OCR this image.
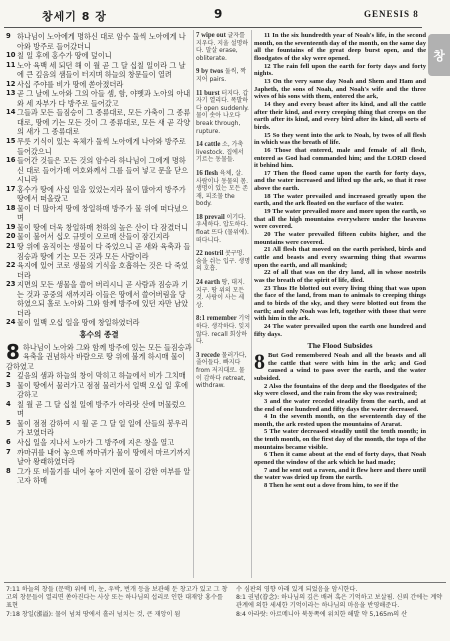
창세기 8 장	9	GENESIS 8
창
9 하나님이 노아에게 명하신 대로 암수 둘씩 노아에게 나아와 방주로 들어갔더니
10 칠 일 후에 홍수가 땅에 덮이니
11 노아 육백 세 되던 해 이 월 곧 그 달 십칠 일이라 그 날에 큰 깊음의 샘들이 터지며 하늘의 창문들이 열려
12 사십 주야를 비가 땅에 쏟아졌더라
13 곧 그 날에 노아와 그의 아들 셈, 함, 야벳과 노아의 아내와 세 자부가 다 방주로 들어갔고
14 그들과 모든 들짐승이 그 종류대로, 모든 가축이 그 종류대로, 땅에 기는 모든 것이 그 종류대로, 모든 새 곧 각양의 새가 그 종류대로
15 무릇 기식이 있는 육체가 둘씩 노아에게 나아와 방주로 들어갔으니
16 들어간 것들은 모든 것의 암수라 하나님이 그에게 명하신 대로 들어가매 여호와께서 그를 들여 넣고 문을 닫으시니라
17 홍수가 땅에 사십 일을 있었는지라 물이 많아져 방주가 땅에서 떠올랐고
18 물이 더 많아져 땅에 창일하매 방주가 물 위에 떠다녔으며
19 물이 땅에 더욱 창일하매 천하의 높은 산이 다 잠겼더니
20 물이 불어서 십오 규빗이 오르매 산들이 잠긴지라
21 땅 위에 움직이는 생물이 다 죽었으니 곧 새와 육축과 들짐승과 땅에 기는 모든 것과 모든 사람이라
22 육지에 있어 코로 생물의 기식을 호흡하는 것은 다 죽었더라
23 지면의 모든 생물을 쓸어 버리시니 곧 사람과 짐승과 기는 것과 공중의 새까지라 이들은 땅에서 쓸어버림을 당하였으되 홀로 노아와 그와 함께 방주에 있던 자만 남았더라
24 물이 일백 오십 일을 땅에 창일하였더라
홍수의 종결
8 하나님이 노아와 그와 함께 방주에 있는 모든 들짐승과 육축을 권념하사 바람으로 땅 위에 불게 하시매 물이 감하였고
2 깊음의 샘과 하늘의 창이 막히고 하늘에서 비가 그치매
3 물이 땅에서 물러가고 점점 물러가서 일백 오십 일 후에 감하고
4 칠 월 곧 그 달 십칠 일에 방주가 아라랏 산에 머물렀으며
5 물이 점점 감하여 시 월 곧 그 달 일 일에 산들의 봉우리가 보였더라
6 사십 일을 지나서 노아가 그 방주에 지은 창을 열고
7 까마귀를 내어 놓으매 까마귀가 물이 땅에서 마르기까지 날아 왕래하였더라
8 그가 또 비둘기를 내어 놓아 지면에 물이 감한 여부를 알고자 하매
7 wipe out 글자를 지우다. 지울 설명하다. 말살 erase, obliterate.
9 by twos 둘씩, 짝지어 pairs.
11 burst 터지다. 갑자기 열리다. 폭발하다 open suddenly. 물이 솟아 나오다 break through, rupture.
14 cattle 소, 가축 livestock. 집에서 기르는 동물들.
16 flesh 육체, 살. 사람이나 동물의 몸. 생명이 있는 모든 존재, 피조물 the body.
18 prevail 이기다. 우세하다. 압도하다. float 뜨다 (물위에). 떠다니다.
22 nostril 콧구멍. 숨을 쉬는 입구. 생명의 호흡.
24 earth 땅, 대지. 지구. 땅 위의 모든 것. 사람이 사는 세상.
8:1 remember 기억하다. 생각하다. 잊지 않다. recall 회상하다.
3 recede 물러가다, 줄어들다. 빠지다 from 저지대로. 물이 감하다 retreat, withdraw.
11 In the six hundredth year of Noah's life, in the second month, on the seventeenth day of the month, on the same day all the fountains of the great deep burst open, and the floodgates of the sky were opened.
12 The rain fell upon the earth for forty days and forty nights.
13 On the very same day Noah and Shem and Ham and Japheth, the sons of Noah, and Noah's wife and the three wives of his sons with them, entered the ark,
14 they and every beast after its kind, and all the cattle after their kind, and every creeping thing that creeps on the earth after its kind, and every bird after its kind, all sorts of birds.
15 So they went into the ark to Noah, by twos of all flesh in which was the breath of life.
16 Those that entered, male and female of all flesh, entered as God had commanded him; and the LORD closed it behind him.
17 Then the flood came upon the earth for forty days, and the water increased and lifted up the ark, so that it rose above the earth.
18 The water prevailed and increased greatly upon the earth, and the ark floated on the surface of the water.
19 The water prevailed more and more upon the earth, so that all the high mountains everywhere under the heavens were covered.
20 The water prevailed fifteen cubits higher, and the mountains were covered.
21 All flesh that moved on the earth perished, birds and cattle and beasts and every swarming thing that swarms upon the earth, and all mankind;
22 of all that was on the dry land, all in whose nostrils was the breath of the spirit of life, died.
23 Thus He blotted out every living thing that was upon the face of the land, from man to animals to creeping things and to birds of the sky, and they were blotted out from the earth; and only Noah was left, together with those that were with him in the ark.
24 The water prevailed upon the earth one hundred and fifty days.
The Flood Subsides
8 But God remembered Noah and all the beasts and all the cattle that were with him in the ark; and God caused a wind to pass over the earth, and the water subsided.
2 Also the fountains of the deep and the floodgates of the sky were closed, and the rain from the sky was restrained;
3 and the water receded steadily from the earth, and at the end of one hundred and fifty days the water decreased.
4 In the seventh month, on the seventeenth day of the month, the ark rested upon the mountains of Ararat.
5 The water decreased steadily until the tenth month; in the tenth month, on the first day of the month, the tops of the mountains became visible.
6 Then it came about at the end of forty days, that Noah opened the window of the ark which he had made;
7 and he sent out a raven, and it flew here and there until the water was dried up from the earth.
8 Then he sent out a dove from him, to see if the
7:11 하늘의 창들 (문맥) 위에 비, 눈, 우박, 번개 등을 보관해 둔 창고가 있고 그 창고의 창문들이 열리면 쏟아진다는 사상 또는 하나님의 섭리로 인한 대재앙 홍수를 표현
7:18 창일(漲溢): 물이 넘쳐 땅에서 흘러 넘치는 것, 큰 재앙이 됨
수 심판의 영향 아래 있게 되었음을 암시한다.
8:1 권념(眷念): 하나님의 깊은 배려 혹은 기억하고 보살핌. 신뢰 간에는 계약 관계에 의한 세세한 기억이라는 하나님의 마음을 반영해준다.
8:4 아라랏: 아르메니아 북동쪽에 위치한 해발 약 5,165m의 산
